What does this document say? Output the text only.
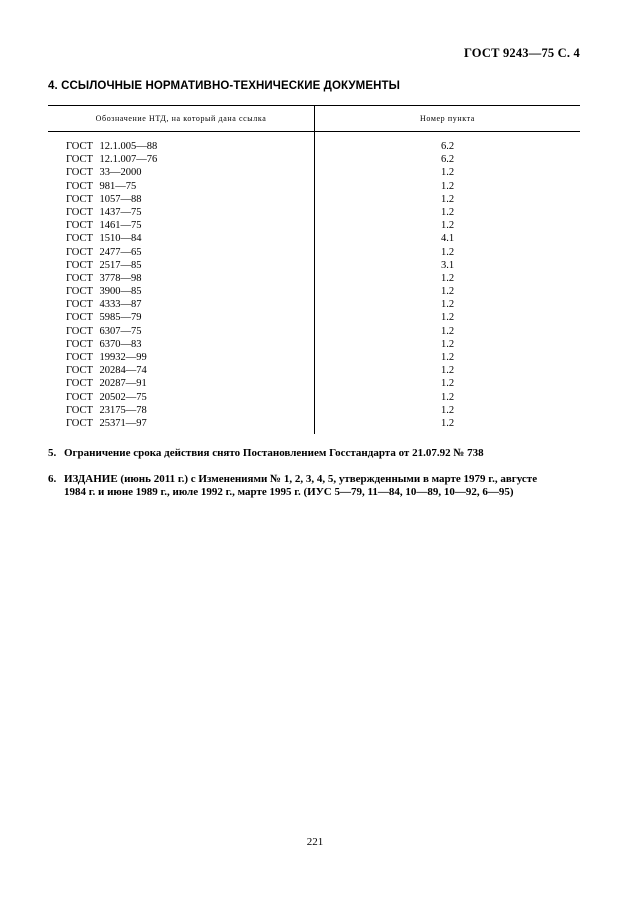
ГОСТ 9243—75 С. 4
4. ССЫЛОЧНЫЕ НОРМАТИВНО-ТЕХНИЧЕСКИЕ ДОКУМЕНТЫ
Обозначение НТД, на который дана ссылка	Номер пункта
ГОСТ 12.1.005—88
ГОСТ 12.1.007—76
ГОСТ 33—2000
ГОСТ 981—75
ГОСТ 1057—88
ГОСТ 1437—75
ГОСТ 1461—75
ГОСТ 1510—84
ГОСТ 2477—65
ГОСТ 2517—85
ГОСТ 3778—98
ГОСТ 3900—85
ГОСТ 4333—87
ГОСТ 5985—79
ГОСТ 6307—75
ГОСТ 6370—83
ГОСТ 19932—99
ГОСТ 20284—74
ГОСТ 20287—91
ГОСТ 20502—75
ГОСТ 23175—78
ГОСТ 25371—97
6.2
6.2
1.2
1.2
1.2
1.2
1.2
4.1
1.2
3.1
1.2
1.2
1.2
1.2
1.2
1.2
1.2
1.2
1.2
1.2
1.2
1.2
5. Ограничение срока действия снято Постановлением Госстандарта от 21.07.92 № 738
6. ИЗДАНИЕ (июнь 2011 г.) с Изменениями № 1, 2, 3, 4, 5, утвержденными в марте 1979 г., августе
1984 г. и июне 1989 г., июле 1992 г., марте 1995 г. (ИУС 5—79, 11—84, 10—89, 10—92, 6—95)
221
